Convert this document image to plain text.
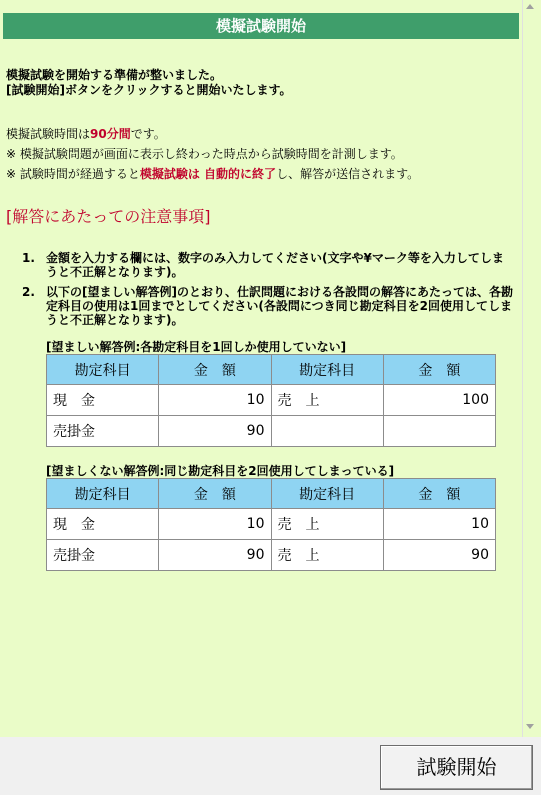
模擬試験開始
模擬試験を開始する準備が整いました。
[試験開始]ボタンをクリックすると開始いたします。
模擬試験時間は90分間です。
※ 模擬試験問題が画面に表示し終わった時点から試験時間を計測します。
※ 試験時間が経過すると模擬試験は 自動的に終了し、解答が送信されます。
[解答にあたっての注意事項]
1. 金額を入力する欄には、数字のみ入力してください(文字や¥マーク等を入力してしまうと不正解となります)。
2. 以下の[望ましい解答例]のとおり、仕訳問題における各設問の解答にあたっては、各勘定科目の使用は1回までとしてください(各設問につき同じ勘定科目を2回使用してしまうと不正解となります)。
[望ましい解答例:各勘定科目を1回しか使用していない]
勘定科目	金　額	勘定科目	金　額
現　金	10	売　上	100
売掛金	90		
[望ましくない解答例:同じ勘定科目を2回使用してしまっている]
勘定科目	金　額	勘定科目	金　額
現　金	10	売　上	10
売掛金	90	売　上	90
試験開始
